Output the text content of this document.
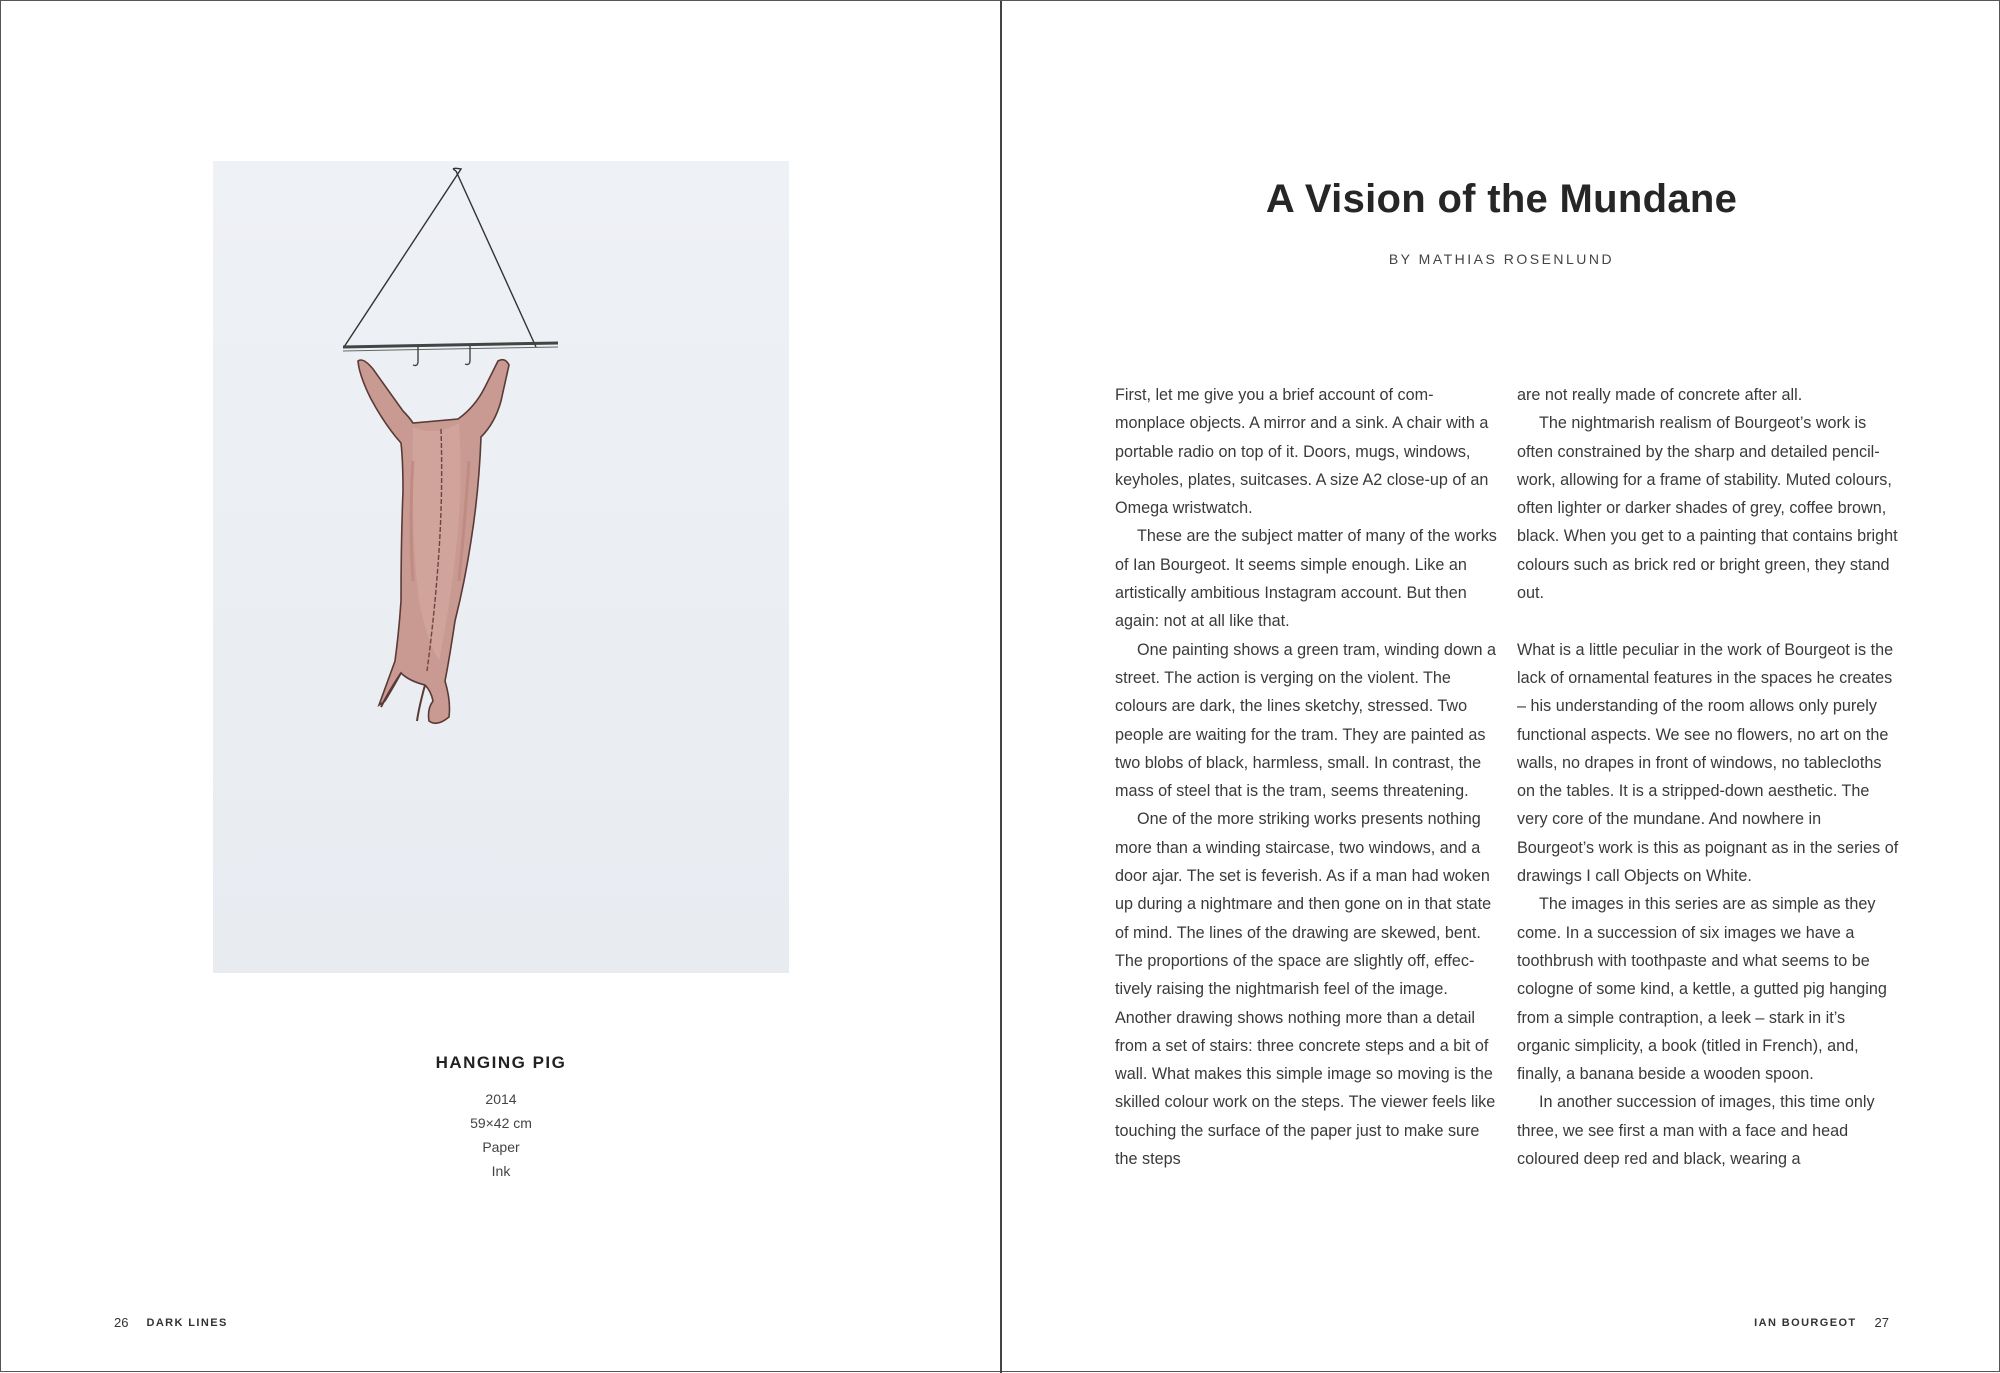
HANGING PIG
2014
59×42 cm
Paper
Ink
26 DARK LINES
A Vision of the Mundane
BY MATHIAS ROSENLUND

First, let me give you a brief account of commonplace objects. A mirror and a sink. A chair with a portable radio on top of it. Doors, mugs, windows, keyholes, plates, suitcases. A size A2 close-up of an Omega wristwatch.

These are the subject matter of many of the works of Ian Bourgeot. It seems simple enough. Like an artistically ambitious Instagram account. But then again: not at all like that.

One painting shows a green tram, winding down a street. The action is verging on the violent. The colours are dark, the lines sketchy, stressed. Two people are waiting for the tram. They are painted as two blobs of black, harmless, small. In contrast, the mass of steel that is the tram, seems threatening.

One of the more striking works presents nothing more than a winding staircase, two windows, and a door ajar. The set is feverish. As if a man had woken up during a nightmare and then gone on in that state of mind. The lines of the drawing are skewed, bent. The proportions of the space are slightly off, effectively raising the nightmarish feel of the image. Another drawing shows nothing more than a detail from a set of stairs: three concrete steps and a bit of wall. What makes this simple image so moving is the skilled colour work on the steps. The viewer feels like touching the surface of the paper just to make sure the steps

are not really made of concrete after all.

The nightmarish realism of Bourgeot’s work is often constrained by the sharp and detailed pencil-work, allowing for a frame of stability. Muted colours, often lighter or darker shades of grey, coffee brown, black. When you get to a painting that contains bright colours such as brick red or bright green, they stand out.

What is a little peculiar in the work of Bourgeot is the lack of ornamental features in the spaces he creates – his understanding of the room allows only purely functional aspects. We see no flowers, no art on the walls, no drapes in front of windows, no tablecloths on the tables. It is a stripped-down aesthetic. The very core of the mundane. And nowhere in Bourgeot’s work is this as poignant as in the series of drawings I call Objects on White.

The images in this series are as simple as they come. In a succession of six images we have a toothbrush with toothpaste and what seems to be cologne of some kind, a kettle, a gutted pig hanging from a simple contraption, a leek – stark in it’s organic simplicity, a book (titled in French), and, finally, a banana beside a wooden spoon.

In another succession of images, this time only three, we see first a man with a face and head coloured deep red and black, wearing a

IAN BOURGEOT 27
